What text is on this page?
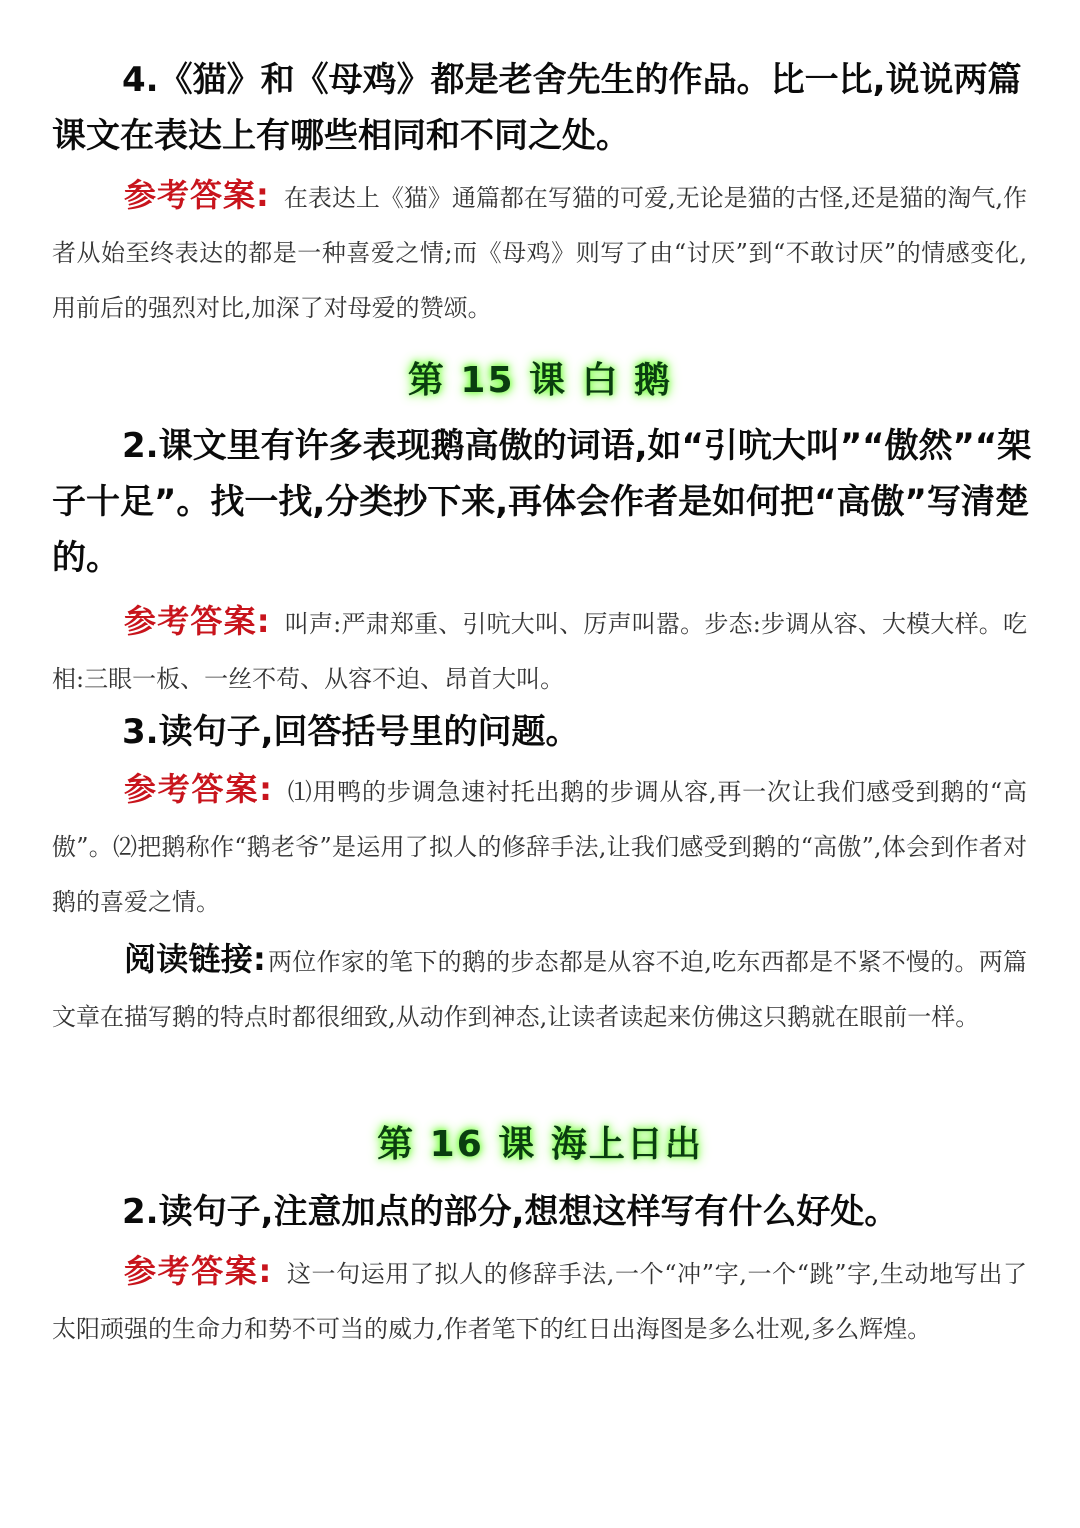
4.《猫》和《母鸡》都是老舍先生的作品。比一比,说说两篇课文在表达上有哪些相同和不同之处。

参考答案: 在表达上《猫》通篇都在写猫的可爱,无论是猫的古怪,还是猫的淘气,作者从始至终表达的都是一种喜爱之情;而《母鸡》则写了由“讨厌”到“不敢讨厌”的情感变化,用前后的强烈对比,加深了对母爱的赞颂。

第 15 课 白 鹅

2.课文里有许多表现鹅高傲的词语,如“引吭大叫”“傲然”“架子十足”。找一找,分类抄下来,再体会作者是如何把“高傲”写清楚的。

参考答案: 叫声:严肃郑重、引吭大叫、厉声叫嚣。步态:步调从容、大模大样。吃相:三眼一板、一丝不苟、从容不迫、昂首大叫。

3.读句子,回答括号里的问题。

参考答案: ⑴用鸭的步调急速衬托出鹅的步调从容,再一次让我们感受到鹅的“高傲”。⑵把鹅称作“鹅老爷”是运用了拟人的修辞手法,让我们感受到鹅的“高傲”,体会到作者对鹅的喜爱之情。

阅读链接:两位作家的笔下的鹅的步态都是从容不迫,吃东西都是不紧不慢的。两篇文章在描写鹅的特点时都很细致,从动作到神态,让读者读起来仿佛这只鹅就在眼前一样。

第 16 课 海上日出

2.读句子,注意加点的部分,想想这样写有什么好处。

参考答案: 这一句运用了拟人的修辞手法,一个“冲”字,一个“跳”字,生动地写出了太阳顽强的生命力和势不可当的威力,作者笔下的红日出海图是多么壮观,多么辉煌。
